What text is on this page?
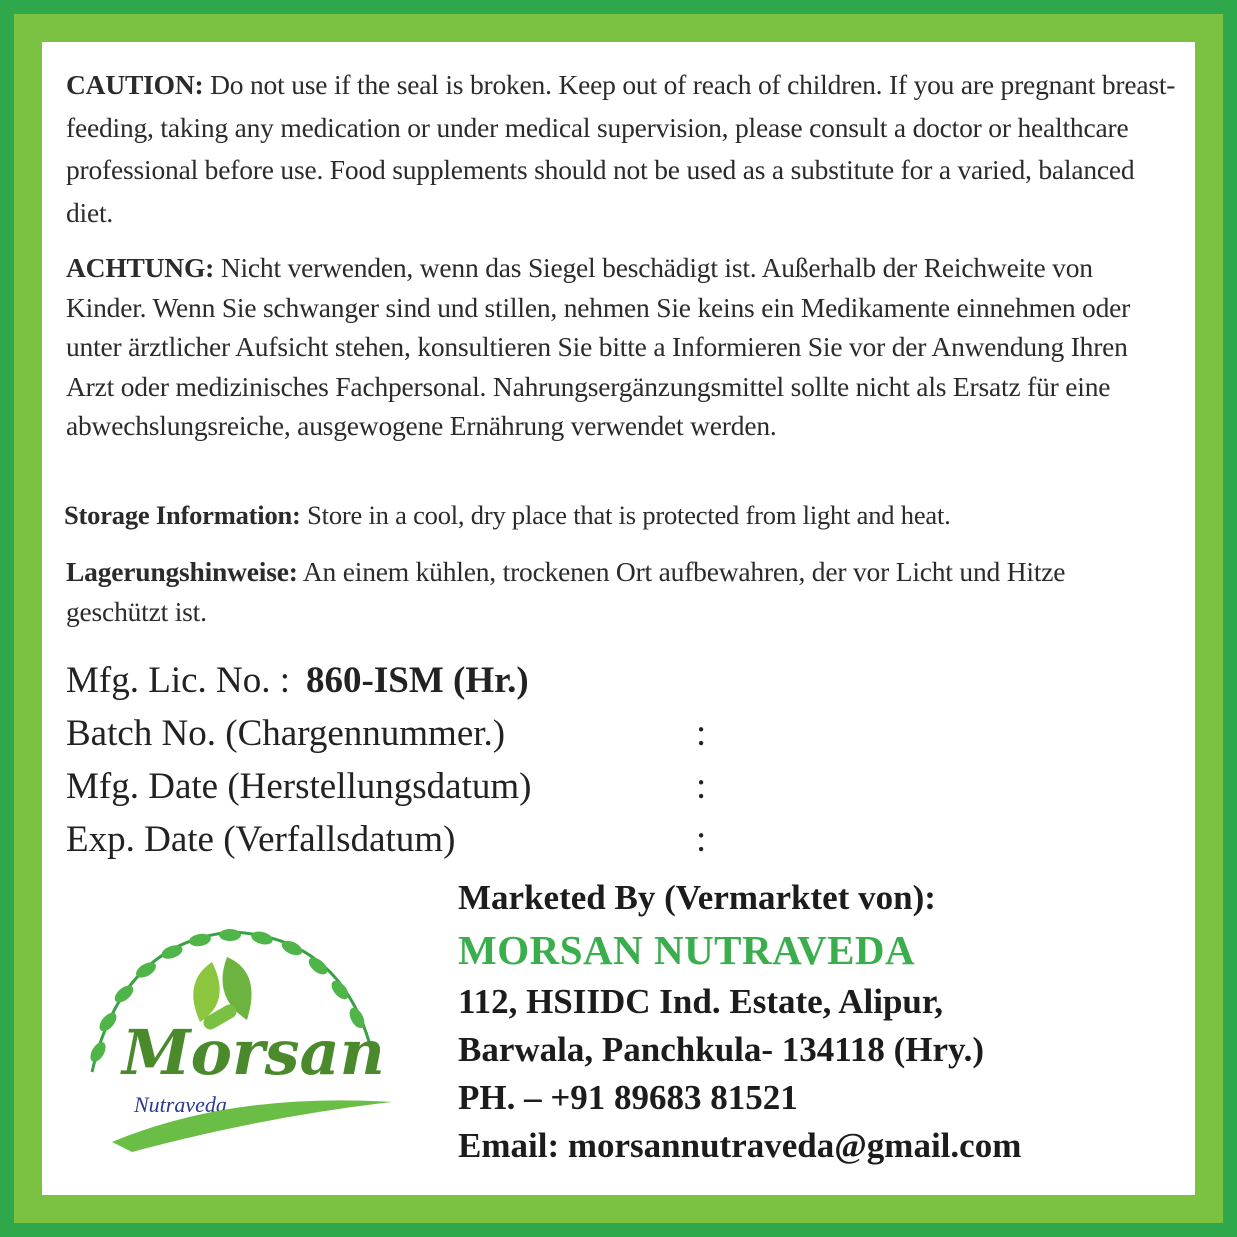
CAUTION: Do not use if the seal is broken. Keep out of reach of children. If you are pregnant breast-feeding, taking any medication or under medical supervision, please consult a doctor or healthcare professional before use. Food supplements should not be used as a substitute for a varied, balanced diet.
ACHTUNG: Nicht verwenden, wenn das Siegel beschädigt ist. Außerhalb der Reichweite von Kinder. Wenn Sie schwanger sind und stillen, nehmen Sie keins ein Medikamente einnehmen oder unter ärztlicher Aufsicht stehen, konsultieren Sie bitte a Informieren Sie vor der Anwendung Ihren Arzt oder medizinisches Fachpersonal. Nahrungsergänzungsmittel sollte nicht als Ersatz für eine abwechslungsreiche, ausgewogene Ernährung verwendet werden.
Storage Information: Store in a cool, dry place that is protected from light and heat.
Lagerungshinweise: An einem kühlen, trockenen Ort aufbewahren, der vor Licht und Hitze geschützt ist.
Mfg. Lic. No. : 860-ISM (Hr.)
Batch No. (Chargennummer.)	:
Mfg. Date (Herstellungsdatum)	:
Exp. Date (Verfallsdatum)	:
Marketed By (Vermarktet von):
MORSAN NUTRAVEDA
112, HSIIDC Ind. Estate, Alipur,
Barwala, Panchkula- 134118 (Hry.)
PH. – +91 89683 81521
Email: morsannutraveda@gmail.com
Morsan
Nutraveda
